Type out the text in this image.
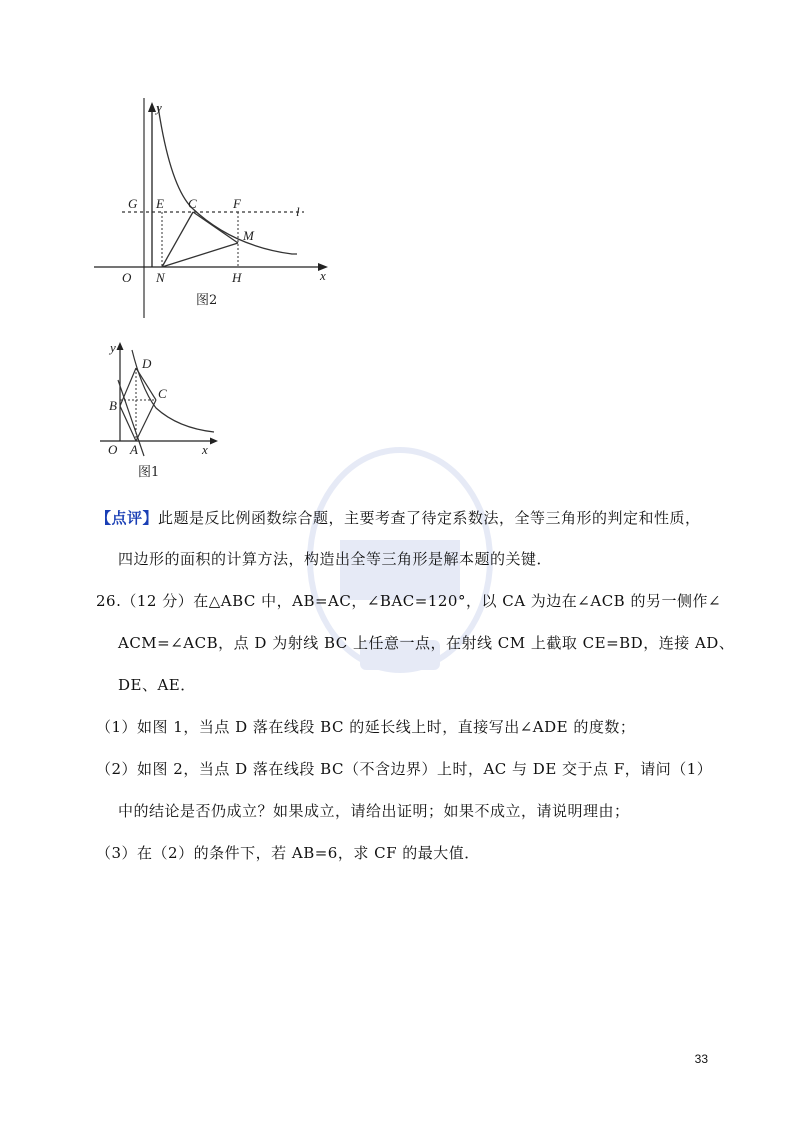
y
x
O
G E C	F
l
M
N	H
图2
y
x
O A
B
C
D
图1
【点评】此题是反比例函数综合题，主要考查了待定系数法，全等三角形的判定和性质，
四边形的面积的计算方法，构造出全等三角形是解本题的关键．
26.（12 分）在△ABC 中，AB=AC，∠BAC=120°，以 CA 为边在∠ACB 的另一侧作∠
ACM=∠ACB，点 D 为射线 BC 上任意一点，在射线 CM 上截取 CE=BD，连接 AD、
DE、AE．
（1）如图 1，当点 D 落在线段 BC 的延长线上时，直接写出∠ADE 的度数；
（2）如图 2，当点 D 落在线段 BC（不含边界）上时，AC 与 DE 交于点 F，请问（1）
中的结论是否仍成立？如果成立，请给出证明；如果不成立，请说明理由；
（3）在（2）的条件下，若 AB=6，求 CF 的最大值．
33
